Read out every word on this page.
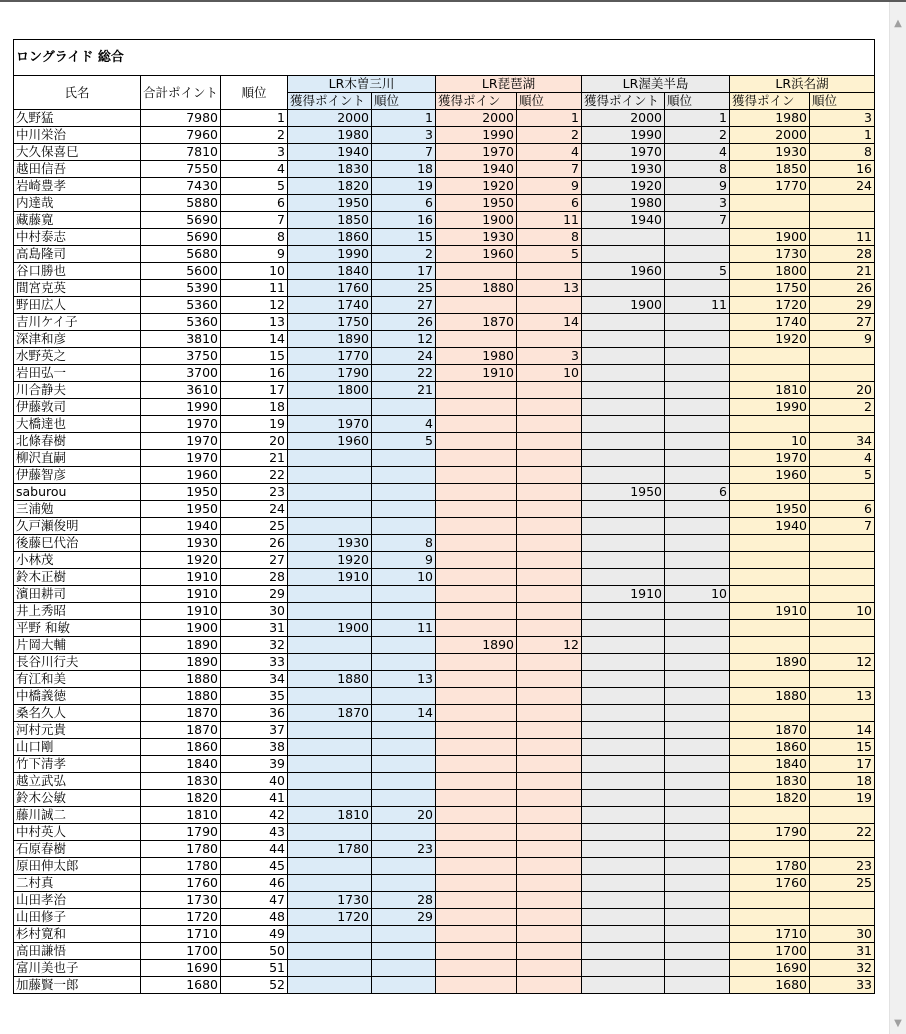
▲
▼
ロングライド 総合										
氏名	合計ポイント	順位	LR木曽三川		LR琵琶湖		LR渥美半島		LR浜名湖	
			獲得ポイント	順位	獲得ポイン	順位	獲得ポイント	順位	獲得ポイン	順位
久野猛	7980	1	2000	1	2000	1	2000	1	1980	3
中川栄治	7960	2	1980	3	1990	2	1990	2	2000	1
大久保喜巳	7810	3	1940	7	1970	4	1970	4	1930	8
越田信吾	7550	4	1830	18	1940	7	1930	8	1850	16
岩崎豊孝	7430	5	1820	19	1920	9	1920	9	1770	24
内達哉	5880	6	1950	6	1950	6	1980	3		
藏藤寛	5690	7	1850	16	1900	11	1940	7		
中村泰志	5690	8	1860	15	1930	8			1900	11
高島隆司	5680	9	1990	2	1960	5			1730	28
谷口勝也	5600	10	1840	17			1960	5	1800	21
間宮克英	5390	11	1760	25	1880	13			1750	26
野田広人	5360	12	1740	27			1900	11	1720	29
吉川ケイ子	5360	13	1750	26	1870	14			1740	27
深津和彦	3810	14	1890	12					1920	9
水野英之	3750	15	1770	24	1980	3				
岩田弘一	3700	16	1790	22	1910	10				
川合静夫	3610	17	1800	21					1810	20
伊藤敦司	1990	18							1990	2
大橋達也	1970	19	1970	4						
北條春樹	1970	20	1960	5					10	34
柳沢直嗣	1970	21							1970	4
伊藤智彦	1960	22							1960	5
saburou	1950	23					1950	6		
三浦勉	1950	24							1950	6
久戸瀬俊明	1940	25							1940	7
後藤巳代治	1930	26	1930	8						
小林茂	1920	27	1920	9						
鈴木正樹	1910	28	1910	10						
濱田耕司	1910	29					1910	10		
井上秀昭	1910	30							1910	10
平野 和敏	1900	31	1900	11						
片岡大輔	1890	32			1890	12				
長谷川行夫	1890	33							1890	12
有江和美	1880	34	1880	13						
中橋義徳	1880	35							1880	13
桑名久人	1870	36	1870	14						
河村元貴	1870	37							1870	14
山口剛	1860	38							1860	15
竹下清孝	1840	39							1840	17
越立武弘	1830	40							1830	18
鈴木公敏	1820	41							1820	19
藤川誠二	1810	42	1810	20						
中村英人	1790	43							1790	22
石原春樹	1780	44	1780	23						
原田伸太郎	1780	45							1780	23
二村真	1760	46							1760	25
山田孝治	1730	47	1730	28						
山田修子	1720	48	1720	29						
杉村寛和	1710	49							1710	30
高田謙悟	1700	50							1700	31
富川美也子	1690	51							1690	32
加藤賢一郎	1680	52							1680	33
